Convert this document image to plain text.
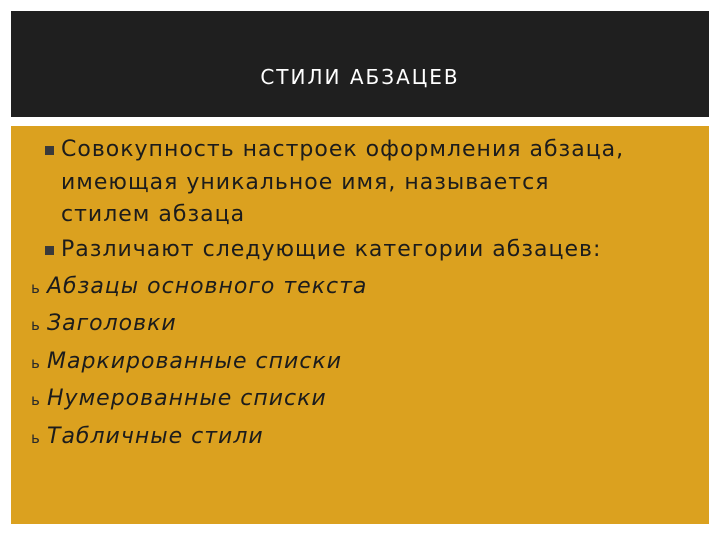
СТИЛИ АБЗАЦЕВ
Совокупность настроек оформления абзаца,
имеющая уникальное имя, называется
стилем абзаца
Различают следующие категории абзацев:
ь Абзацы основного текста
ь Заголовки
ь Маркированные списки
ь Нумерованные списки
ь Табличные стили
